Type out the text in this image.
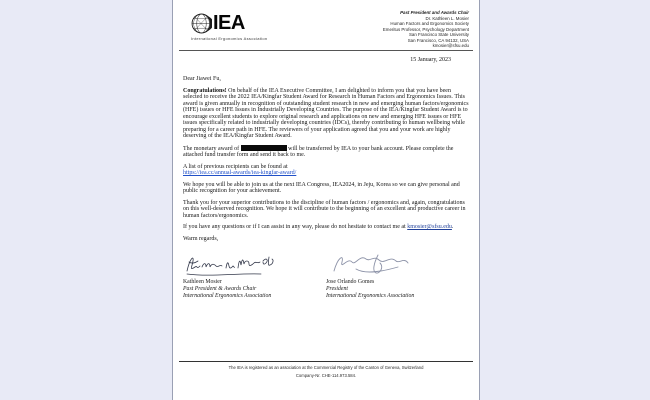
IEA
International Ergonomics Association
Past President and Awards Chair
Dr. Kathleen L. Mosier
Human Factors and Ergonomics Society
Emeritus Professor, Psychology Department
San Francisco State University
San Francisco, CA 94132, USA
kmosier@sfsu.edu
15 January, 2023

Dear Jiawei Fu,

Congratulations! On behalf of the IEA Executive Committee, I am delighted to inform you that you have been selected to receive the 2022 IEA/Kingfar Student Award for Research in Human Factors and Ergonomics Issues. This award is given annually in recognition of outstanding student research in new and emerging human factors/ergonomics (HFE) issues or HFE Issues in Industrially Developing Countries. The purpose of the IEA/Kingfar Student Award is to encourage excellent students to explore original research and applications on new and emerging HFE issues or HFE issues specifically related to industrially developing countries (IDCs), thereby contributing to human wellbeing while preparing for a career path in HFE. The reviewers of your application agreed that you and your work are highly deserving of the IEA/Kingfar Student Award.

The monetary award of	will be transferred by IEA to your bank account. Please complete the attached fund transfer form and send it back to me.

A list of previous recipients can be found at
https://iea.cc/annual-awards/iea-kingfar-award/

We hope you will be able to join us at the next IEA Congress, IEA2024, in Jeju, Korea so we can give personal and public recognition for your achievement.

Thank you for your superior contributions to the discipline of human factors / ergonomics and, again, congratulations on this well-deserved recognition. We hope it will contribute to the beginning of an excellent and productive career in human factors/ergonomics.

If you have any questions or if I can assist in any way, please do not hesitate to contact me at kmosier@sfsu.edu.

Warm regards,

Kathleen Mosier
Past President & Awards Chair
International Ergonomics Association
Jose Orlando Gomes
President
International Ergonomics Association
The IEA is registered as an association at the Commercial Registry of the Canton of Geneva, Switzerland
Company-Nr. CHE-114.973.584.
